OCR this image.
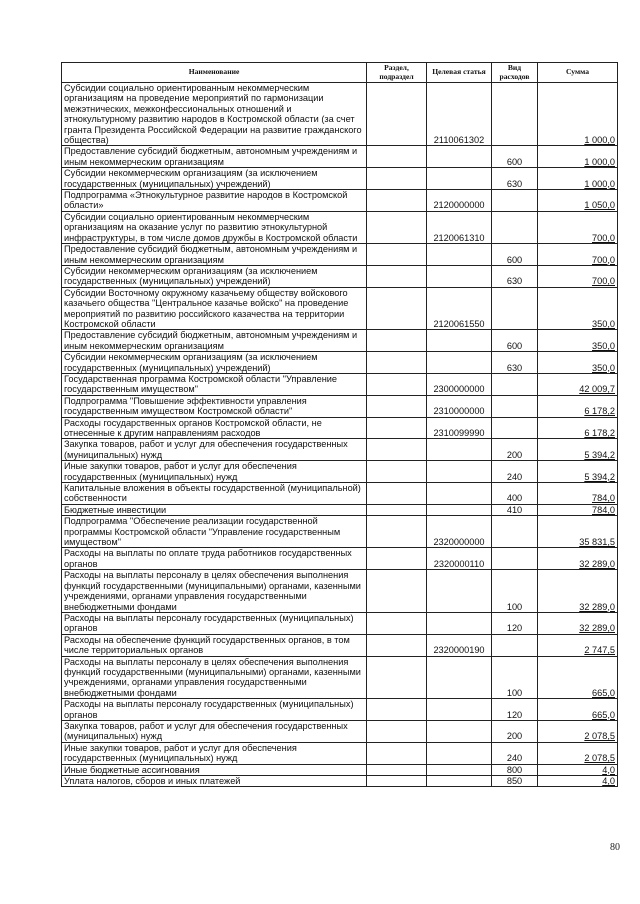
Наименование	Раздел, подраздел	Целевая статья	Вид расходов	Сумма
Субсидии социально ориентированным некоммерческим организациям на проведение мероприятий по гармонизации межэтнических, межконфессиональных отношений и этнокультурному развитию народов в Костромской области (за счет гранта Президента Российской Федерации на развитие гражданского общества)		2110061302		1 000,0
Предоставление субсидий бюджетным, автономным учреждениям и иным некоммерческим организациям			600	1 000,0
Субсидии некоммерческим организациям (за исключением государственных (муниципальных) учреждений)			630	1 000,0
Подпрограмма «Этнокультурное развитие народов в Костромской области»		2120000000		1 050,0
Субсидии социально ориентированным некоммерческим организациям на оказание услуг по развитию этнокультурной инфраструктуры, в том числе домов дружбы в Костромской области		2120061310		700,0
Предоставление субсидий бюджетным, автономным учреждениям и иным некоммерческим организациям			600	700,0
Субсидии некоммерческим организациям (за исключением государственных (муниципальных) учреждений)			630	700,0
Субсидии Восточному окружному казачьему обществу войскового казачьего общества "Центральное казачье войско" на проведение мероприятий по развитию российского казачества на территории Костромской области		2120061550		350,0
Предоставление субсидий бюджетным, автономным учреждениям и иным некоммерческим организациям			600	350,0
Субсидии некоммерческим организациям (за исключением государственных (муниципальных) учреждений)			630	350,0
Государственная программа Костромской области "Управление государственным имуществом"		2300000000		42 009,7
Подпрограмма "Повышение эффективности управления государственным имуществом Костромской области"		2310000000		6 178,2
Расходы государственных органов Костромской области, не отнесенные к другим направлениям расходов		2310099990		6 178,2
Закупка товаров, работ и услуг для обеспечения государственных (муниципальных) нужд			200	5 394,2
Иные закупки товаров, работ и услуг для обеспечения государственных (муниципальных) нужд			240	5 394,2
Капитальные вложения в объекты государственной (муниципальной) собственности			400	784,0
Бюджетные инвестиции			410	784,0
Подпрограмма "Обеспечение реализации государственной программы Костромской области "Управление государственным имуществом"		2320000000		35 831,5
Расходы на выплаты по оплате труда работников государственных органов		2320000110		32 289,0
Расходы на выплаты персоналу в целях обеспечения выполнения функций государственными (муниципальными) органами, казенными учреждениями, органами управления государственными внебюджетными фондами			100	32 289,0
Расходы на выплаты персоналу государственных (муниципальных) органов			120	32 289,0
Расходы на обеспечение функций государственных органов, в том числе территориальных органов		2320000190		2 747,5
Расходы на выплаты персоналу в целях обеспечения выполнения функций государственными (муниципальными) органами, казенными учреждениями, органами управления государственными внебюджетными фондами			100	665,0
Расходы на выплаты персоналу государственных (муниципальных) органов			120	665,0
Закупка товаров, работ и услуг для обеспечения государственных (муниципальных) нужд			200	2 078,5
Иные закупки товаров, работ и услуг для обеспечения государственных (муниципальных) нужд			240	2 078,5
Иные бюджетные ассигнования			800	4,0
Уплата налогов, сборов и иных платежей			850	4,0
80
